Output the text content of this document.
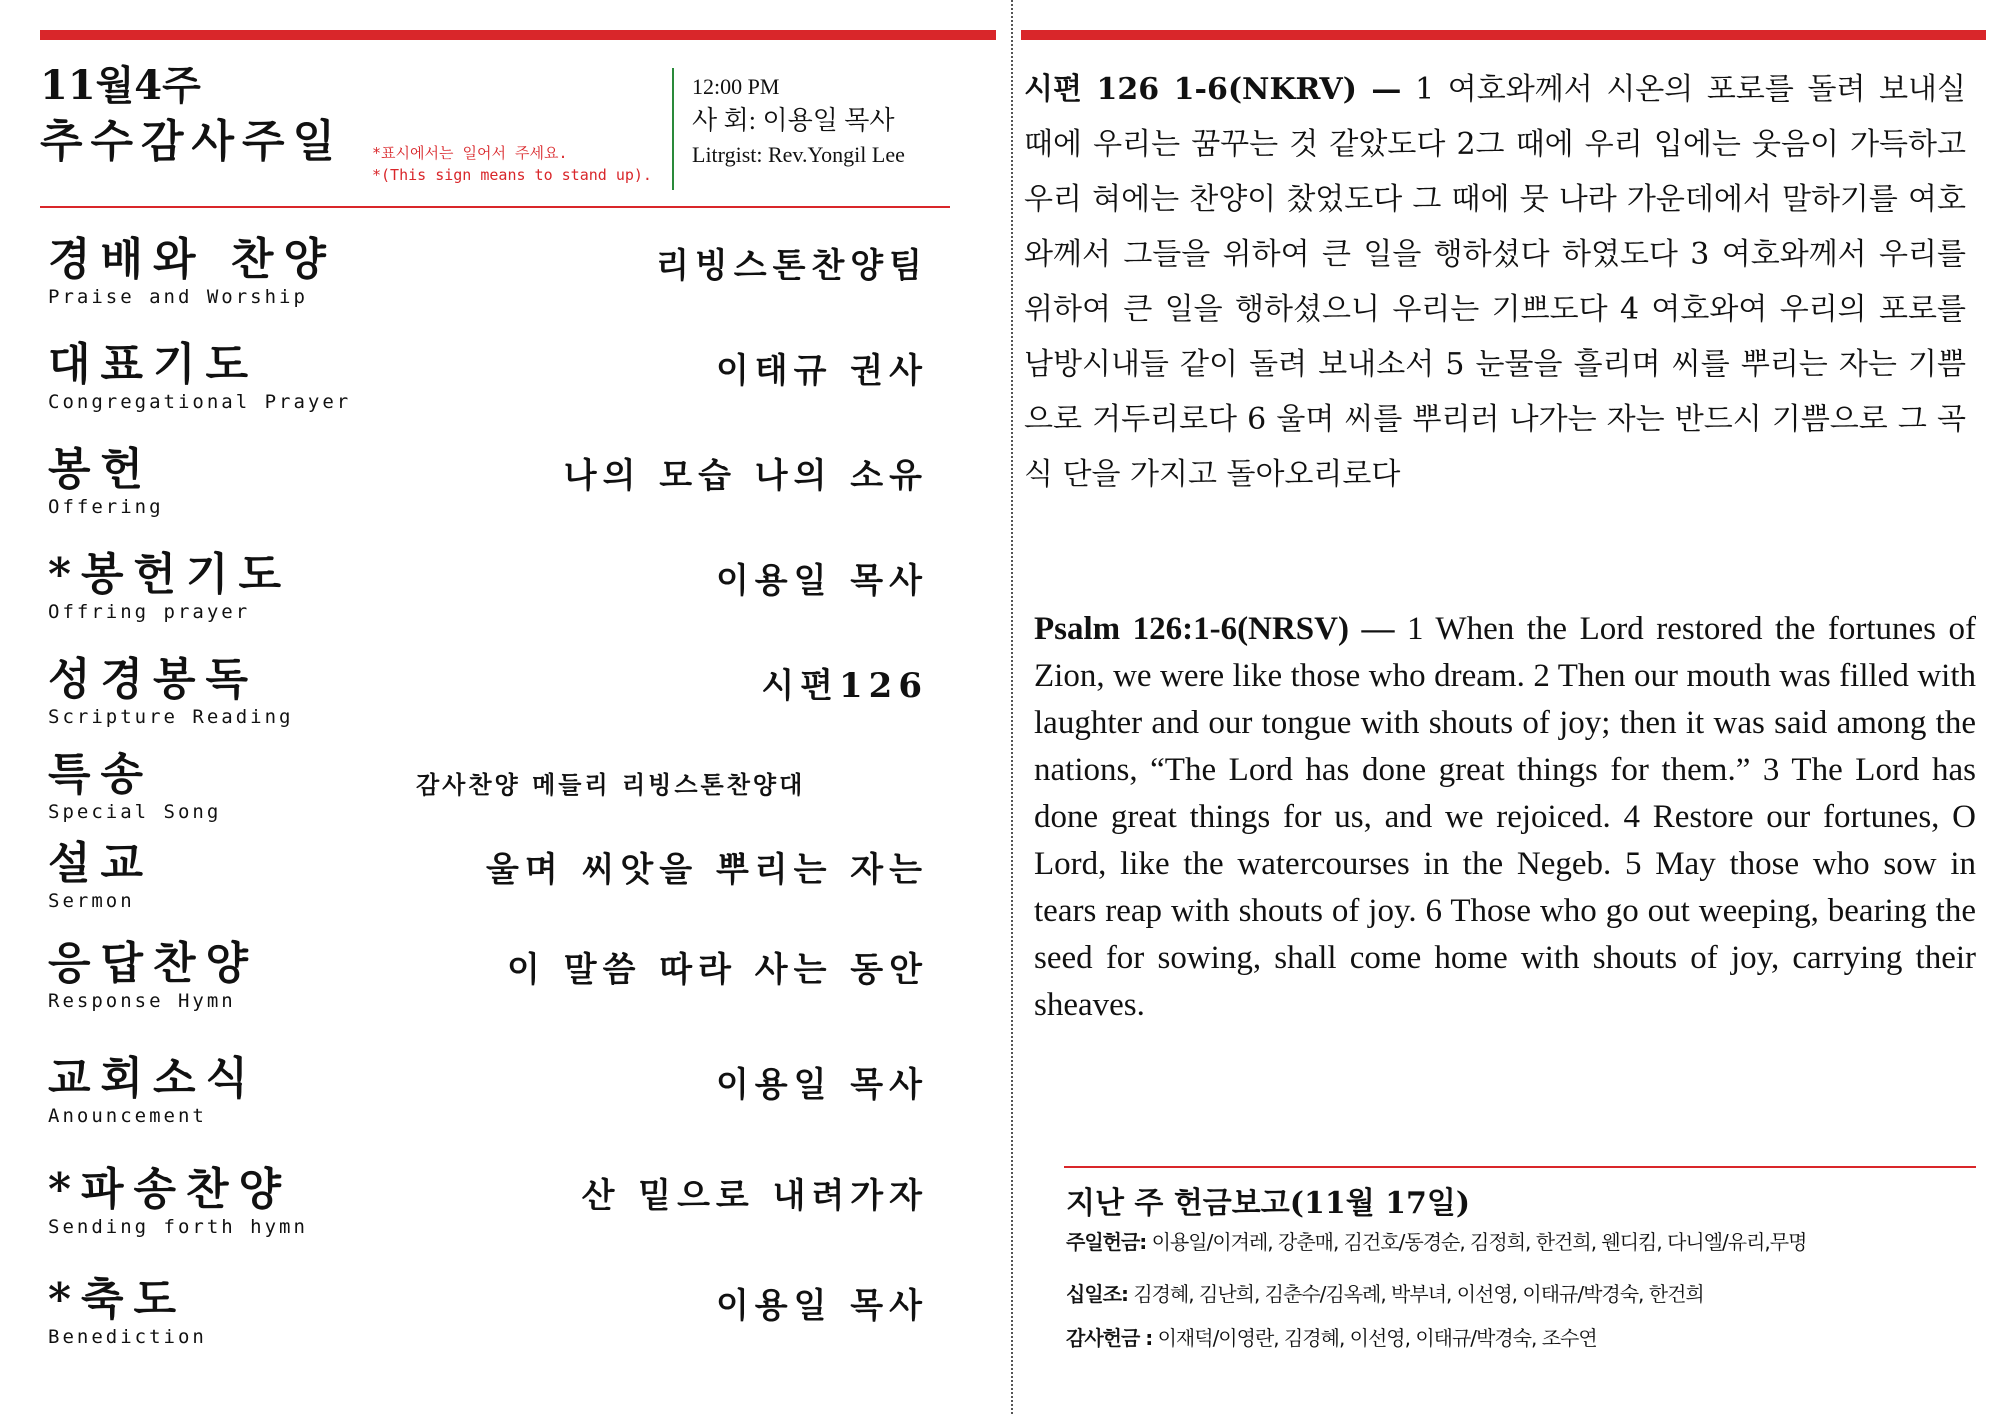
11월4주
추수감사주일	*표시에서는 일어서 주세요.
*(This sign means to stand up).
12:00 PM
사 회: 이용일 목사
Litrgist: Rev.Yongil Lee
경배와 찬양
Praise and Worship
리빙스톤찬양팀
대표기도
Congregational Prayer
이태규 권사
봉헌
Offering
나의 모습 나의 소유
*봉헌기도
Offring prayer
이용일 목사
성경봉독
Scripture Reading
시편126
특송
Special Song
감사찬양 메들리 리빙스톤찬양대
설교
Sermon
울며 씨앗을 뿌리는 자는
응답찬양
Response Hymn
이 말씀 따라 사는 동안
교회소식
Anouncement
이용일 목사
*파송찬양
Sending forth hymn
산 밑으로 내려가자
*축도
Benediction
이용일 목사
시편 126 1-6(NKRV) — 1 여호와께서 시온의 포로를 돌려 보내실 때에 우리는 꿈꾸는 것 같았도다 2그 때에 우리 입에는 웃음이 가득하고 우리 혀에는 찬양이 찼었도다 그 때에 뭇 나라 가운데에서 말하기를 여호와께서 그들을 위하여 큰 일을 행하셨다 하였도다 3 여호와께서 우리를 위하여 큰 일을 행하셨으니 우리는 기쁘도다 4 여호와여 우리의 포로를 남방시내들 같이 돌려 보내소서 5 눈물을 흘리며 씨를 뿌리는 자는 기쁨으로 거두리로다 6 울며 씨를 뿌리러 나가는 자는 반드시 기쁨으로 그 곡식 단을 가지고 돌아오리로다
Psalm 126:1-6(NRSV) — 1 When the Lord restored the fortunes of Zion, we were like those who dream. 2 Then our mouth was filled with laughter and our tongue with shouts of joy; then it was said among the nations, “The Lord has done great things for them.” 3 The Lord has done great things for us, and we rejoiced. 4 Restore our fortunes, O Lord, like the watercourses in the Negeb. 5 May those who sow in tears reap with shouts of joy. 6 Those who go out weeping, bearing the seed for sowing, shall come home with shouts of joy, carrying their sheaves.
지난 주 헌금보고(11월 17일)
주일헌금: 이용일/이겨레, 강춘매, 김건호/동경순, 김정희, 한건희, 웬디킴, 다니엘/유리,무명
십일조: 김경혜, 김난희, 김춘수/김옥례, 박부녀, 이선영, 이태규/박경숙, 한건희
감사헌금 : 이재덕/이영란, 김경혜, 이선영, 이태규/박경숙, 조수연
